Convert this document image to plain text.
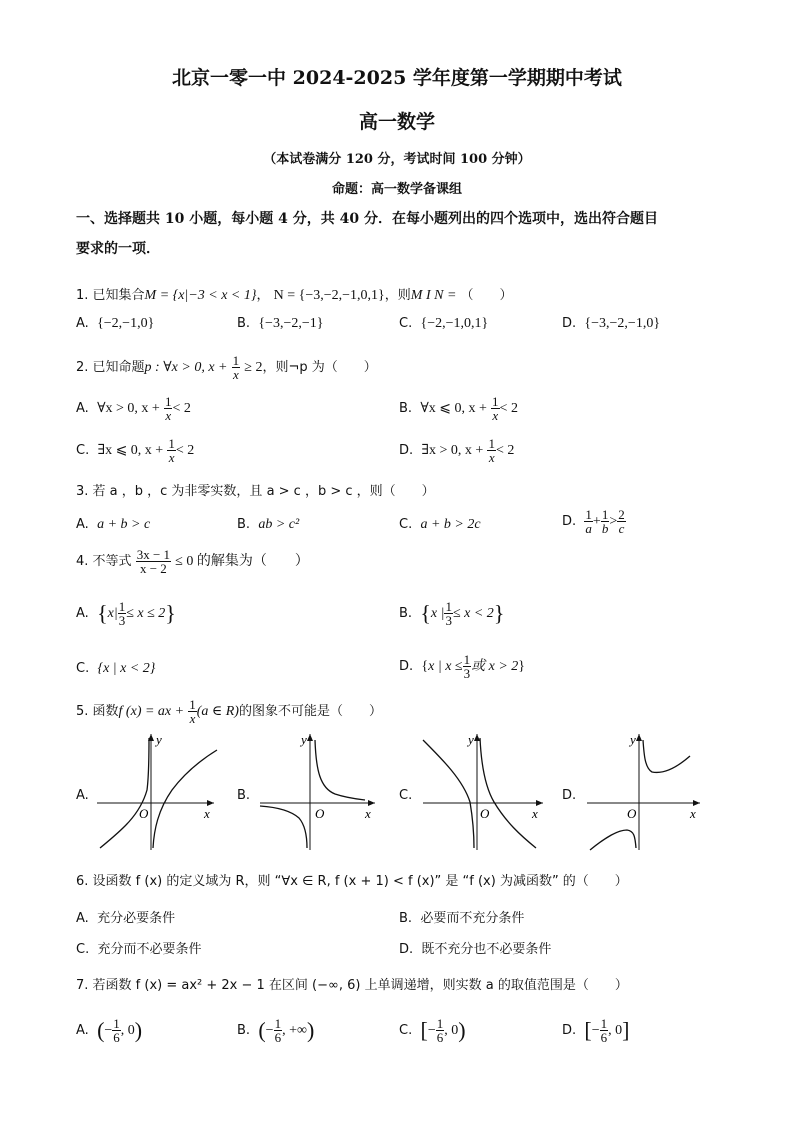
北京一零一中 2024-2025 学年度第一学期期中考试
高一数学
（本试卷满分 120 分，考试时间 100 分钟）
命题：高一数学备课组
一、选择题共 10 小题，每小题 4 分，共 40 分．在每小题列出的四个选项中，选出符合题目
要求的一项．
1. 已知集合M = {x|−3 < x < 1}， N = {−3,−2,−1,0,1}，则M I N = （　　）
A.  {−2,−1,0}	B.  {−3,−2,−1}	C.  {−2,−1,0,1}	D.  {−3,−2,−1,0}
2. 已知命题p : ∀x > 0, $x + \frac{1}{x} \ge 2$，则¬p 为（　　）
A.  ∀x > 0, $x + \frac{1}{x} < 2$	B.  ∀x ⩽ 0, $x + \frac{1}{x} < 2$
C.  ∃x ⩽ 0, $x + \frac{1}{x} < 2$	D.  ∃x > 0, $x + \frac{1}{x} < 2$
3. 若 a ，b ，c 为非零实数，且 a > c ，b > c ，则（　　）
A.  a + b > c	B.  ab > c²	C.  a + b > 2c	D. $\frac{1}{a} + \frac{1}{b} > \frac{2}{c}$
4. 不等式 $\frac{3x - 1}{x - 2} \le 0$ 的解集为（　　）
A.  $\{x| \frac{1}{3} \le x \le 2\}$	B.  {x | $\frac{1}{3} \le x < 2$}
C.  {x | x < 2}	D.  {x | $x \le \frac{1}{3}$ 或 x > 2}
5. 函数f (x) = ax + $\frac{1}{x} (a$ ∈ R)的图象不可能是（　　）
A.
y
O	x
B.
y
O	x
C.
y
O	x
D.
y
O	x
6. 设函数 f (x) 的定义域为 R，则 “∀x ∈ R, f (x + 1) < f (x)” 是 “f (x) 为减函数” 的（　　）
A.  充分必要条件	B.  必要而不充分条件
C.  充分而不必要条件	D.  既不充分也不必要条件
7. 若函数 f (x) = ax² + 2x − 1 在区间 (−∞, 6) 上单调递增，则实数 a 的取值范围是（　　）
A.  (− $\frac{1}{6}$ , 0)	B.  (− $\frac{1}{6}$ , +∞)	C.  [− $\frac{1}{6}$ , 0)	D.  [− $\frac{1}{6}$ , 0]
